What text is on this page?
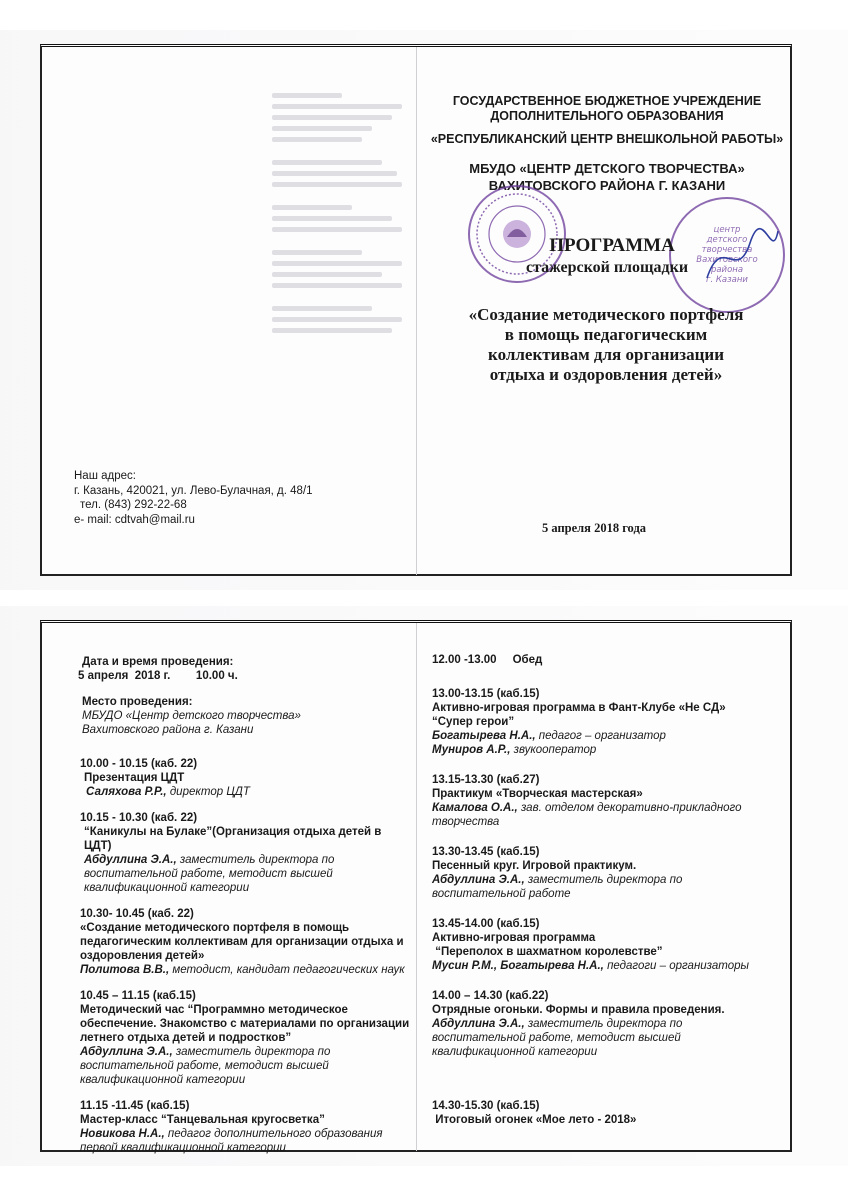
Наш адрес:
г. Казань, 420021, ул. Лево-Булачная, д. 48/1
тел. (843) 292-22-68
e- mail: cdtvah@mail.ru
ГОСУДАРСТВЕННОЕ БЮДЖЕТНОЕ УЧРЕЖДЕНИЕ
ДОПОЛНИТЕЛЬНОГО ОБРАЗОВАНИЯ
«РЕСПУБЛИКАНСКИЙ ЦЕНТР ВНЕШКОЛЬНОЙ РАБОТЫ»
МБУДО «ЦЕНТР ДЕТСКОГО ТВОРЧЕСТВА»
ВАХИТОВСКОГО РАЙОНА Г. КАЗАНИ
центр
детского
творчества
Вахитовского
района
г. Казани
ПРОГРАММА
стажерской площадки
«Создание методического портфеля
в помощь педагогическим
коллективам для организации
отдыха и оздоровления детей»
5 апреля 2018 года
Дата и время проведения:
5 апреля  2018 г.        10.00 ч.
Место проведения:
МБУДО «Центр детского творчества»
Вахитовского района г. Казани
10.00 - 10.15 (каб. 22)
Презентация ЦДТ
Саляхова Р.Р., директор ЦДТ
10.15 - 10.30 (каб. 22)
“Каникулы на Булаке”(Организация отдыха детей в ЦДТ)
Абдуллина Э.А., заместитель директора по воспитательной работе, методист высшей квалификационной категории
10.30- 10.45 (каб. 22)
«Создание методического портфеля в помощь педагогическим коллективам для организации отдыха и оздоровления детей»
Политова В.В., методист, кандидат педагогических наук
10.45 – 11.15 (каб.15)
Методический час “Программно методическое обеспечение. Знакомство с материалами по организации летнего отдыха детей и подростков”
Абдуллина Э.А., заместитель директора по воспитательной работе, методист высшей квалификационной категории
11.15 -11.45 (каб.15)
Мастер-класс “Танцевальная кругосветка”
Новикова Н.А., педагог дополнительного образования первой квалификационной категории
12.00 -13.00 Обед
13.00-13.15 (каб.15)
Активно-игровая программа в Фант-Клубе «Не СД»
“Супер герои”
Богатырева Н.А., педагог – организатор
Муниров А.Р., звукооператор
13.15-13.30 (каб.27)
Практикум «Творческая мастерская»
Камалова О.А., зав. отделом декоративно-прикладного творчества
13.30-13.45 (каб.15)
Песенный круг. Игровой практикум.
Абдуллина Э.А., заместитель директора по воспитательной работе
13.45-14.00 (каб.15)
Активно-игровая программа
“Переполох в шахматном королевстве”
Мусин Р.М., Богатырева Н.А., педагоги – организаторы
14.00 – 14.30 (каб.22)
Отрядные огоньки. Формы и правила проведения.
Абдуллина Э.А., заместитель директора по воспитательной работе, методист высшей квалификационной категории
14.30-15.30 (каб.15)
Итоговый огонек «Мое лето - 2018»
